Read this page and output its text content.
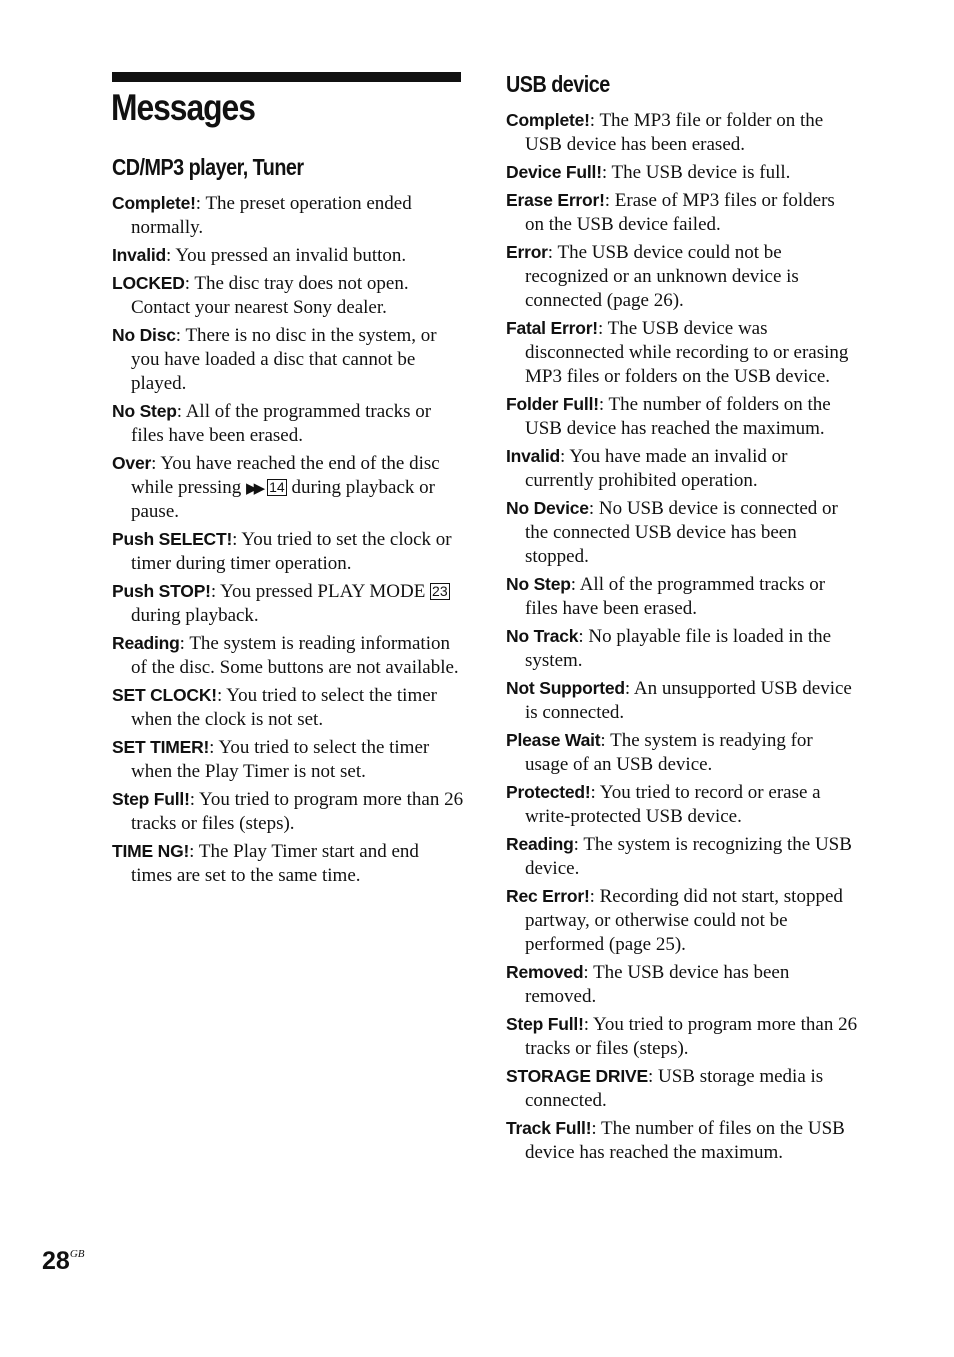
Messages
CD/MP3 player, Tuner

Complete!: The preset operation ended normally.

Invalid: You pressed an invalid button.

LOCKED: The disc tray does not open. Contact your nearest Sony dealer.

No Disc: There is no disc in the system, or you have loaded a disc that cannot be played.

No Step: All of the programmed tracks or files have been erased.

Over: You have reached the end of the disc while pressing ▶▶ 14 during playback or pause.

Push SELECT!: You tried to set the clock or timer during timer operation.

Push STOP!: You pressed PLAY MODE 23 during playback.

Reading: The system is reading information of the disc. Some buttons are not available.

SET CLOCK!: You tried to select the timer when the clock is not set.

SET TIMER!: You tried to select the timer when the Play Timer is not set.

Step Full!: You tried to program more than 26 tracks or files (steps).

TIME NG!: The Play Timer start and end times are set to the same time.

USB device

Complete!: The MP3 file or folder on the USB device has been erased.

Device Full!: The USB device is full.

Erase Error!: Erase of MP3 files or folders on the USB device failed.

Error: The USB device could not be recognized or an unknown device is connected (page 26).

Fatal Error!: The USB device was disconnected while recording to or erasing MP3 files or folders on the USB device.

Folder Full!: The number of folders on the USB device has reached the maximum.

Invalid: You have made an invalid or currently prohibited operation.

No Device: No USB device is connected or the connected USB device has been stopped.

No Step: All of the programmed tracks or files have been erased.

No Track: No playable file is loaded in the system.

Not Supported: An unsupported USB device is connected.

Please Wait: The system is readying for usage of an USB device.

Protected!: You tried to record or erase a write-protected USB device.

Reading: The system is recognizing the USB device.

Rec Error!: Recording did not start, stopped partway, or otherwise could not be performed (page 25).

Removed: The USB device has been removed.

Step Full!: You tried to program more than 26 tracks or files (steps).

STORAGE DRIVE: USB storage media is connected.

Track Full!: The number of files on the USB device has reached the maximum.

$28^{GB}$
